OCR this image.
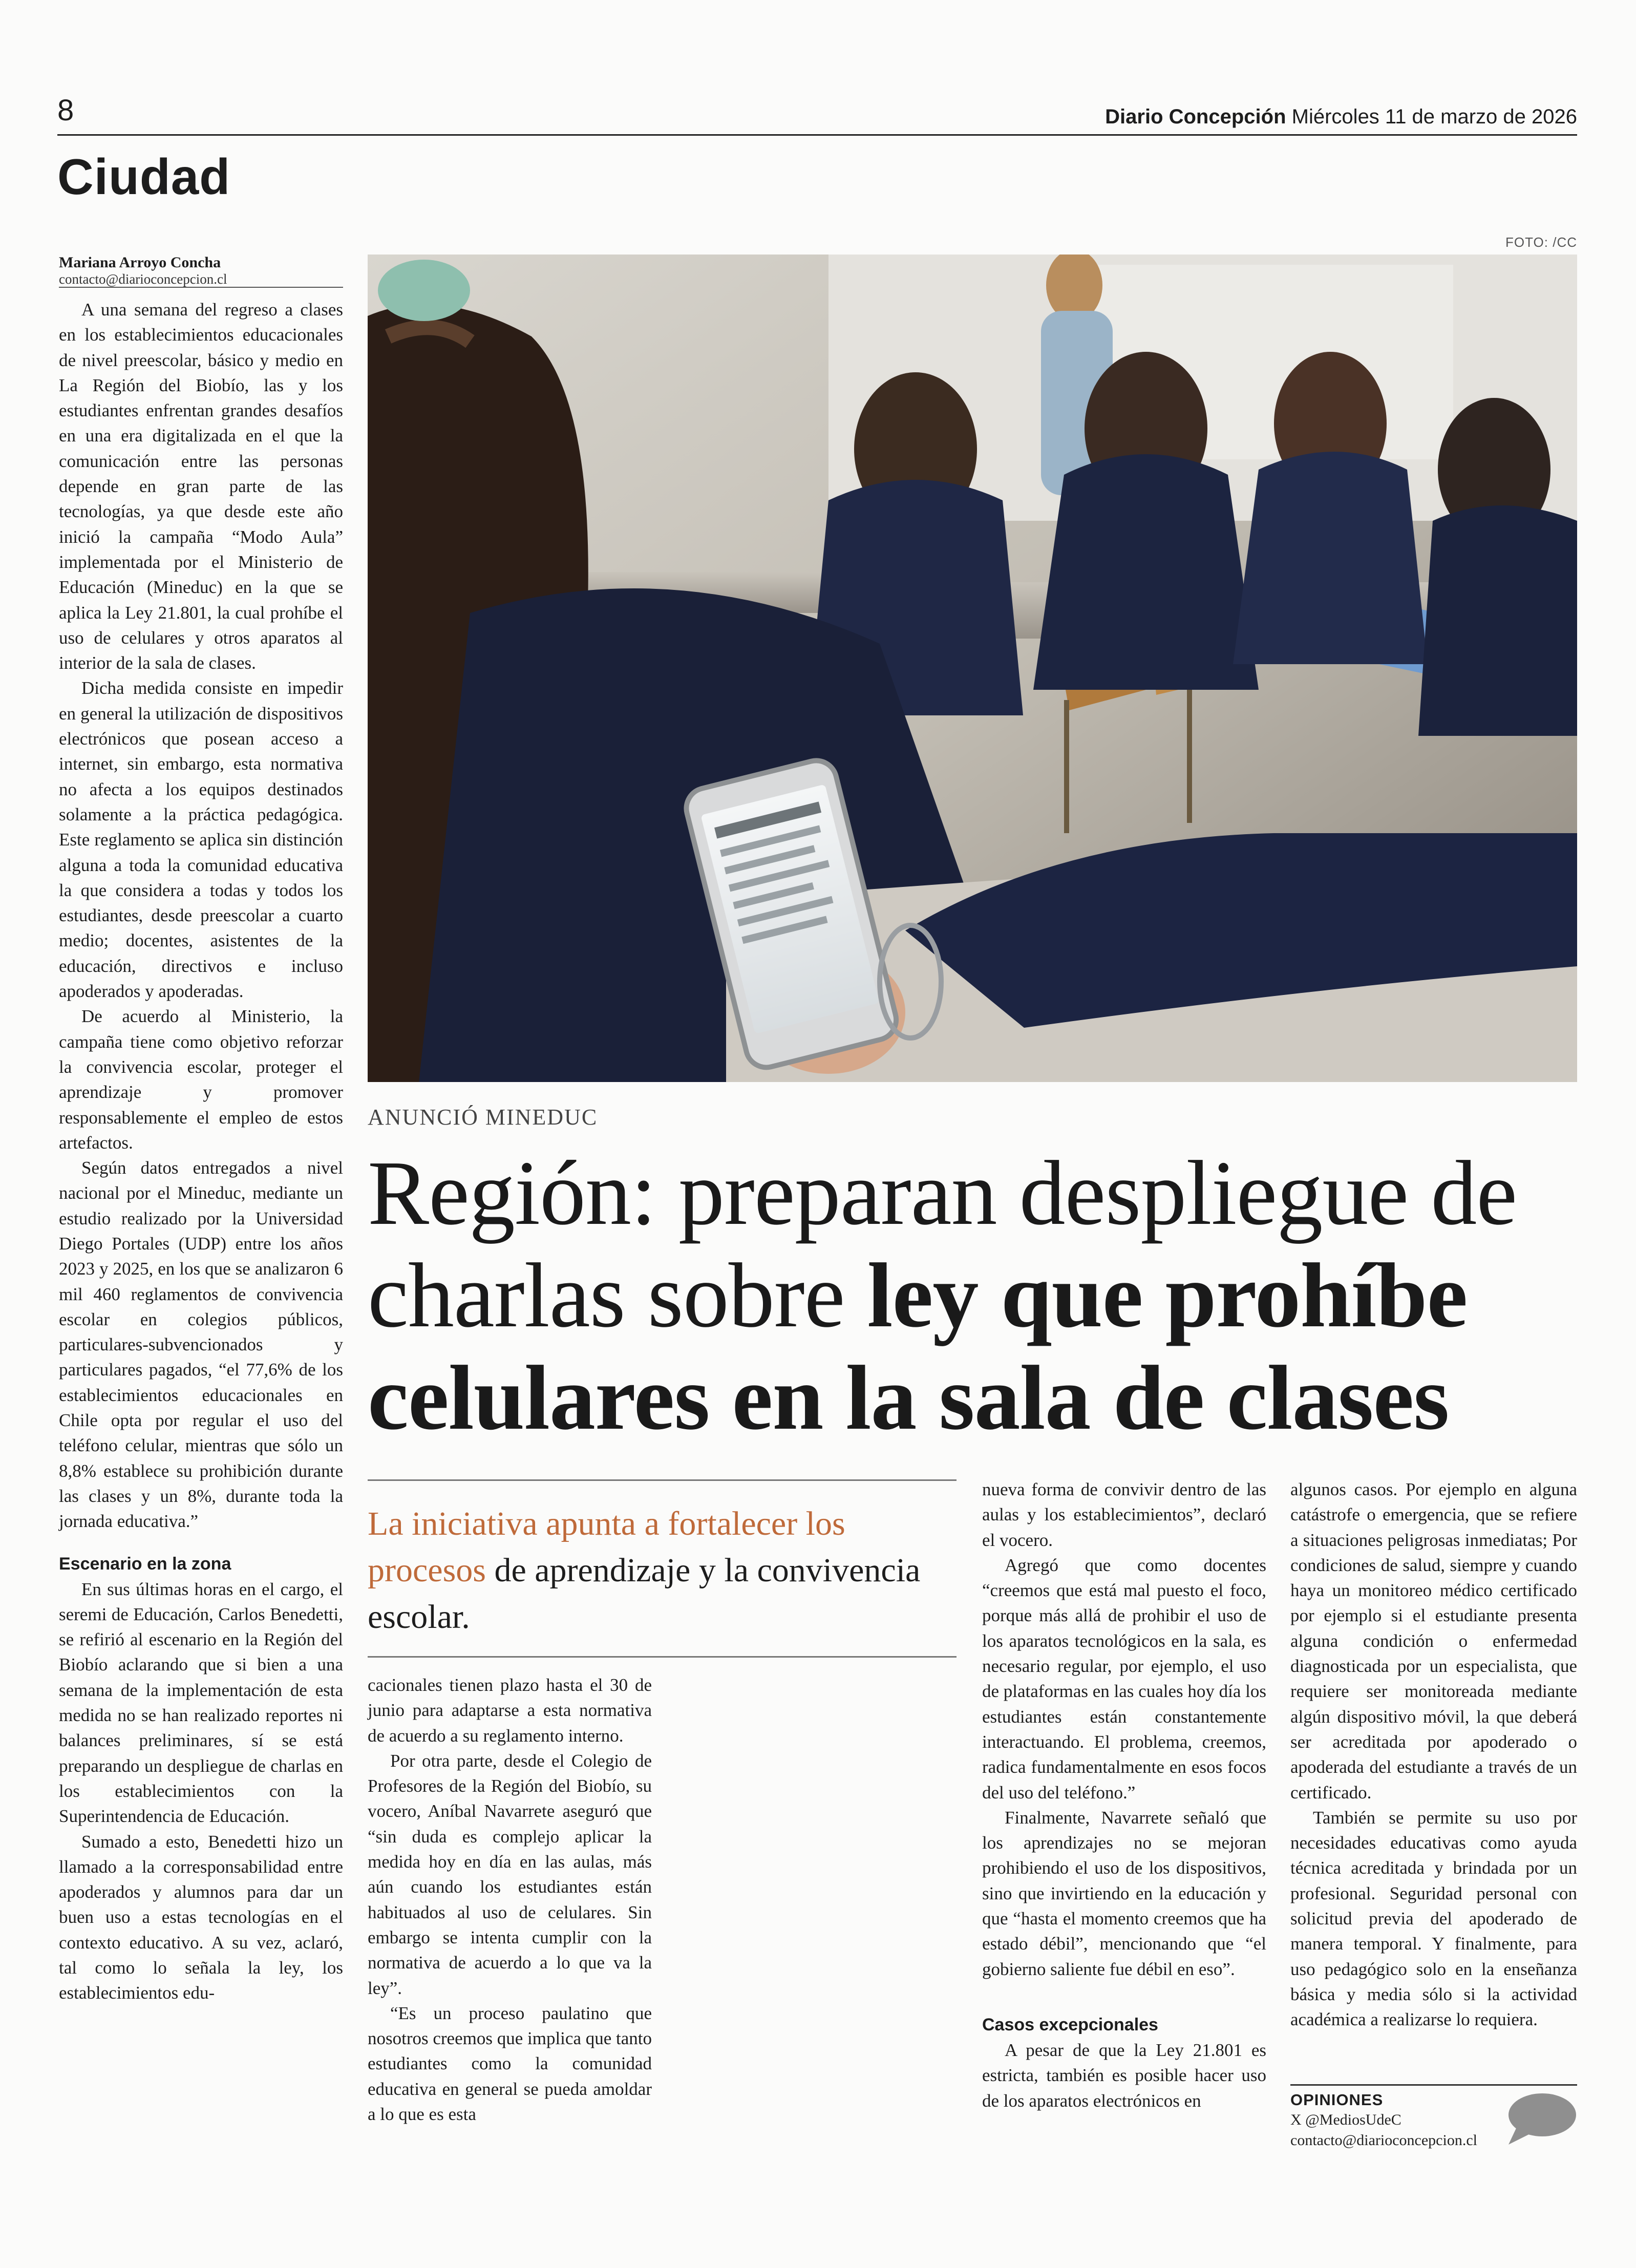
8	Diario Concepción Miércoles 11 de marzo de 2026
Ciudad
Mariana Arroyo Concha
contacto@diarioconcepcion.cl

A una semana del regreso a clases en los establecimientos educacionales de nivel preescolar, básico y medio en La Región del Biobío, las y los estudiantes enfrentan grandes desafíos en una era digitalizada en el que la comunicación entre las personas depende en gran parte de las tecnologías, ya que desde este año inició la campaña “Modo Aula” implementada por el Ministerio de Educación (Mineduc) en la que se aplica la Ley 21.801, la cual prohíbe el uso de celulares y otros aparatos al interior de la sala de clases.

Dicha medida consiste en impedir en general la utilización de dispositivos electrónicos que posean acceso a internet, sin embargo, esta normativa no afecta a los equipos destinados solamente a la práctica pedagógica. Este reglamento se aplica sin distinción alguna a toda la comunidad educativa la que considera a todas y todos los estudiantes, desde preescolar a cuarto medio; docentes, asistentes de la educación, directivos e incluso apoderados y apoderadas.

De acuerdo al Ministerio, la campaña tiene como objetivo reforzar la convivencia escolar, proteger el aprendizaje y promover responsablemente el empleo de estos artefactos.

Según datos entregados a nivel nacional por el Mineduc, mediante un estudio realizado por la Universidad Diego Portales (UDP) entre los años 2023 y 2025, en los que se analizaron 6 mil 460 reglamentos de convivencia escolar en colegios públicos, particulares-subvencionados y particulares pagados, “el 77,6% de los establecimientos educacionales en Chile opta por regular el uso del teléfono celular, mientras que sólo un 8,8% establece su prohibición durante las clases y un 8%, durante toda la jornada educativa.”

Escenario en la zona

En sus últimas horas en el cargo, el seremi de Educación, Carlos Benedetti, se refirió al escenario en la Región del Biobío aclarando que si bien a una semana de la implementación de esta medida no se han realizado reportes ni balances preliminares, sí se está preparando un despliegue de charlas en los establecimientos con la Superintendencia de Educación.

Sumado a esto, Benedetti hizo un llamado a la corresponsabilidad entre apoderados y alumnos para dar un buen uso a estas tecnologías en el contexto educativo. A su vez, aclaró, tal como lo señala la ley, los establecimientos edu-

FOTO: /CC
ANUNCIÓ MINEDUC
Región: preparan despliegue de charlas sobre ley que prohíbe celulares en la sala de clases

La iniciativa apunta a fortalecer los procesos de aprendizaje y la convivencia escolar.

cacionales tienen plazo hasta el 30 de junio para adaptarse a esta normativa de acuerdo a su reglamento interno.

Por otra parte, desde el Colegio de Profesores de la Región del Biobío, su vocero, Aníbal Navarrete aseguró que “sin duda es complejo aplicar la medida hoy en día en las aulas, más aún cuando los estudiantes están habituados al uso de celulares. Sin embargo se intenta cumplir con la normativa de acuerdo a lo que va la ley”.

“Es un proceso paulatino que nosotros creemos que implica que tanto estudiantes como la comunidad educativa en general se pueda amoldar a lo que es esta

nueva forma de convivir dentro de las aulas y los establecimientos”, declaró el vocero.

Agregó que como docentes “creemos que está mal puesto el foco, porque más allá de prohibir el uso de los aparatos tecnológicos en la sala, es necesario regular, por ejemplo, el uso de plataformas en las cuales hoy día los estudiantes están constantemente interactuando. El problema, creemos, radica fundamentalmente en esos focos del uso del teléfono.”

Finalmente, Navarrete señaló que los aprendizajes no se mejoran prohibiendo el uso de los dispositivos, sino que invirtiendo en la educación y que “hasta el momento creemos que ha estado débil”, mencionando que “el gobierno saliente fue débil en eso”.

Casos excepcionales

A pesar de que la Ley 21.801 es estricta, también es posible hacer uso de los aparatos electrónicos en

algunos casos. Por ejemplo en alguna catástrofe o emergencia, que se refiere a situaciones peligrosas inmediatas; Por condiciones de salud, siempre y cuando haya un monitoreo médico certificado por ejemplo si el estudiante presenta alguna condición o enfermedad diagnosticada por un especialista, que requiere ser monitoreada mediante algún dispositivo móvil, la que deberá ser acreditada por apoderado o apoderada del estudiante a través de un certificado.

También se permite su uso por necesidades educativas como ayuda técnica acreditada y brindada por un profesional. Seguridad personal con solicitud previa del apoderado de manera temporal. Y finalmente, para uso pedagógico solo en la enseñanza básica y media sólo si la actividad académica a realizarse lo requiera.

OPINIONES
X @MediosUdeC
contacto@diarioconcepcion.cl
